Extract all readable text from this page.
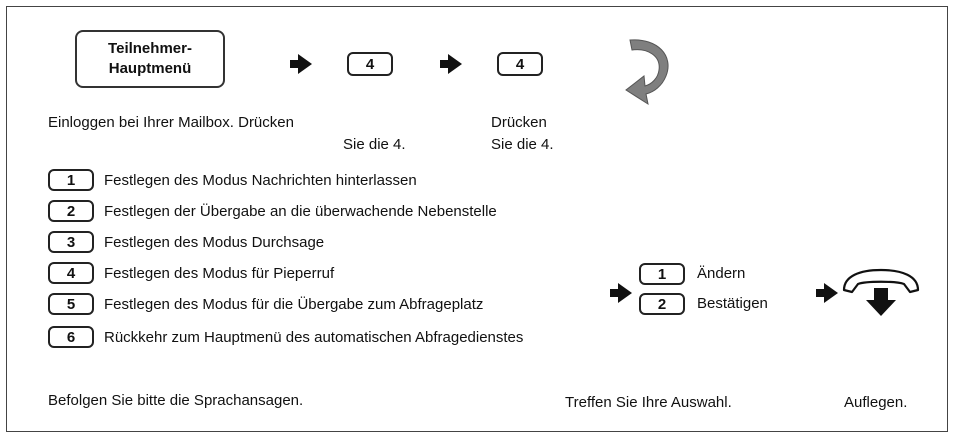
Teilnehmer-
Hauptmenü	4	4
Einloggen bei Ihrer Mailbox. Drücken
Sie die 4.
Drücken
Sie die 4.
1	Festlegen des Modus Nachrichten hinterlassen
2	Festlegen der Übergabe an die überwachende Nebenstelle
3	Festlegen des Modus Durchsage
4	Festlegen des Modus für Pieperruf
5	Festlegen des Modus für die Übergabe zum Abfrageplatz
6	Rückkehr zum Hauptmenü des automatischen Abfragedienstes
1	Ändern
2	Bestätigen
Befolgen Sie bitte die Sprachansagen.	Treffen Sie Ihre Auswahl.	Auflegen.
